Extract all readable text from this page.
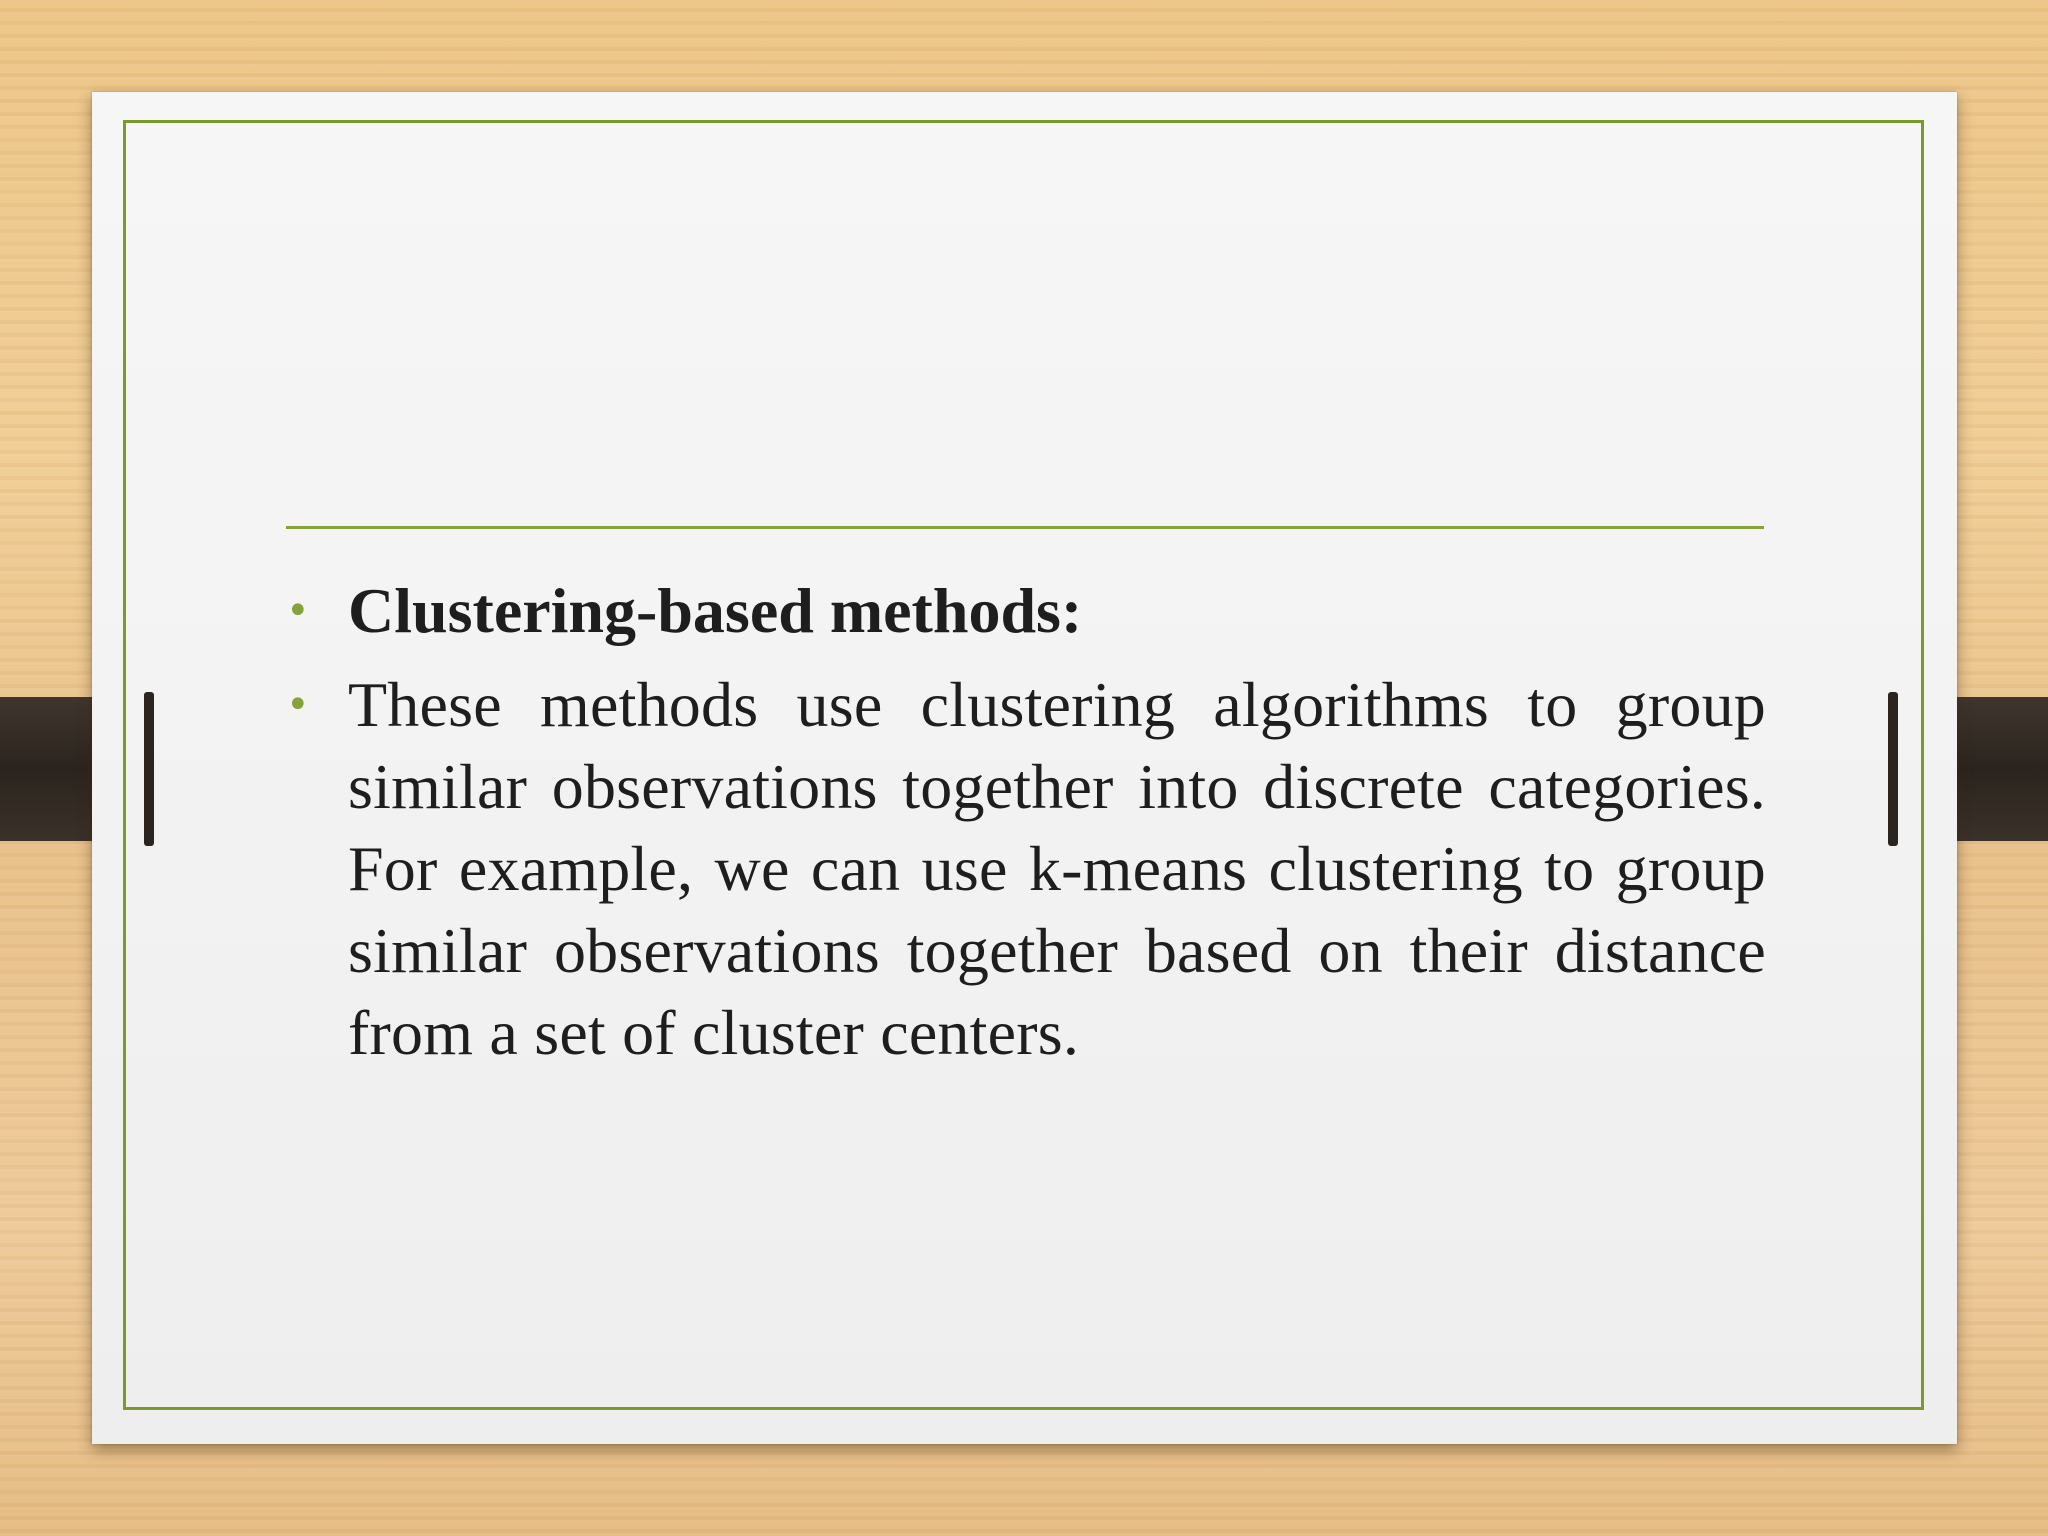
• Clustering-based methods:
• These methods use clustering algorithms to group similar observations together into discrete categories. For example, we can use k-means clustering to group similar observations together based on their distance from a set of cluster centers.
